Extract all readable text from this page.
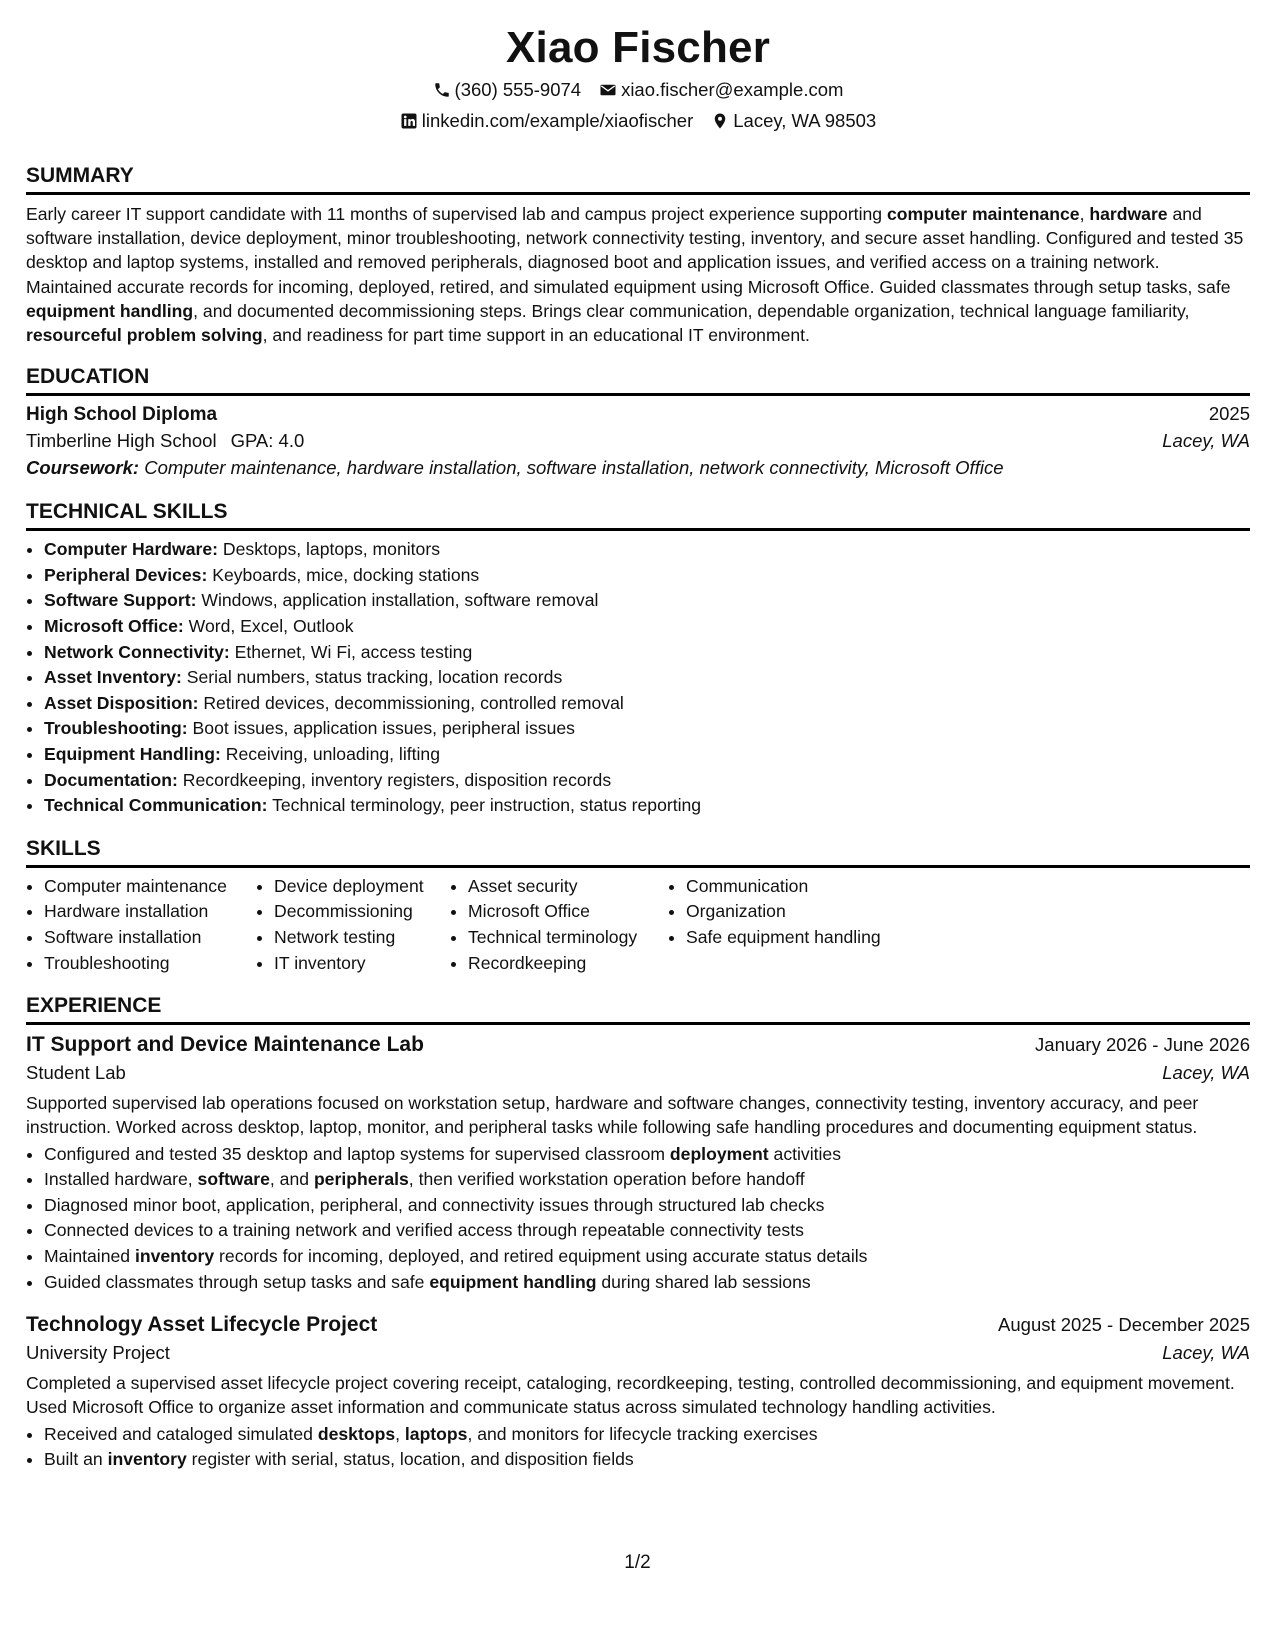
Xiao Fischer
(360) 555-9074 xiao.fischer@example.com
linkedin.com/example/xiaofischer Lacey, WA 98503
SUMMARY
Early career IT support candidate with 11 months of supervised lab and campus project experience supporting computer maintenance, hardware and software installation, device deployment, minor troubleshooting, network connectivity testing, inventory, and secure asset handling. Configured and tested 35 desktop and laptop systems, installed and removed peripherals, diagnosed boot and application issues, and verified access on a training network. Maintained accurate records for incoming, deployed, retired, and simulated equipment using Microsoft Office. Guided classmates through setup tasks, safe equipment handling, and documented decommissioning steps. Brings clear communication, dependable organization, technical language familiarity, resourceful problem solving, and readiness for part time support in an educational IT environment.
EDUCATION
High School Diploma	2025
Timberline High School GPA: 4.0	Lacey, WA
Coursework: Computer maintenance, hardware installation, software installation, network connectivity, Microsoft Office
TECHNICAL SKILLS
• Computer Hardware: Desktops, laptops, monitors
• Peripheral Devices: Keyboards, mice, docking stations
• Software Support: Windows, application installation, software removal
• Microsoft Office: Word, Excel, Outlook
• Network Connectivity: Ethernet, Wi Fi, access testing
• Asset Inventory: Serial numbers, status tracking, location records
• Asset Disposition: Retired devices, decommissioning, controlled removal
• Troubleshooting: Boot issues, application issues, peripheral issues
• Equipment Handling: Receiving, unloading, lifting
• Documentation: Recordkeeping, inventory registers, disposition records
• Technical Communication: Technical terminology, peer instruction, status reporting
SKILLS
• Computer maintenance
• Hardware installation
• Software installation
• Troubleshooting
• Device deployment
• Decommissioning
• Network testing
• IT inventory
• Asset security
• Microsoft Office
• Technical terminology
• Recordkeeping
• Communication
• Organization
• Safe equipment handling
EXPERIENCE
IT Support and Device Maintenance Lab	January 2026 - June 2026
Student Lab	Lacey, WA
Supported supervised lab operations focused on workstation setup, hardware and software changes, connectivity testing, inventory accuracy, and peer instruction. Worked across desktop, laptop, monitor, and peripheral tasks while following safe handling procedures and documenting equipment status.
• Configured and tested 35 desktop and laptop systems for supervised classroom deployment activities
• Installed hardware, software, and peripherals, then verified workstation operation before handoff
• Diagnosed minor boot, application, peripheral, and connectivity issues through structured lab checks
• Connected devices to a training network and verified access through repeatable connectivity tests
• Maintained inventory records for incoming, deployed, and retired equipment using accurate status details
• Guided classmates through setup tasks and safe equipment handling during shared lab sessions
Technology Asset Lifecycle Project	August 2025 - December 2025
University Project	Lacey, WA
Completed a supervised asset lifecycle project covering receipt, cataloging, recordkeeping, testing, controlled decommissioning, and equipment movement. Used Microsoft Office to organize asset information and communicate status across simulated technology handling activities.
• Received and cataloged simulated desktops, laptops, and monitors for lifecycle tracking exercises
• Built an inventory register with serial, status, location, and disposition fields
1/2
